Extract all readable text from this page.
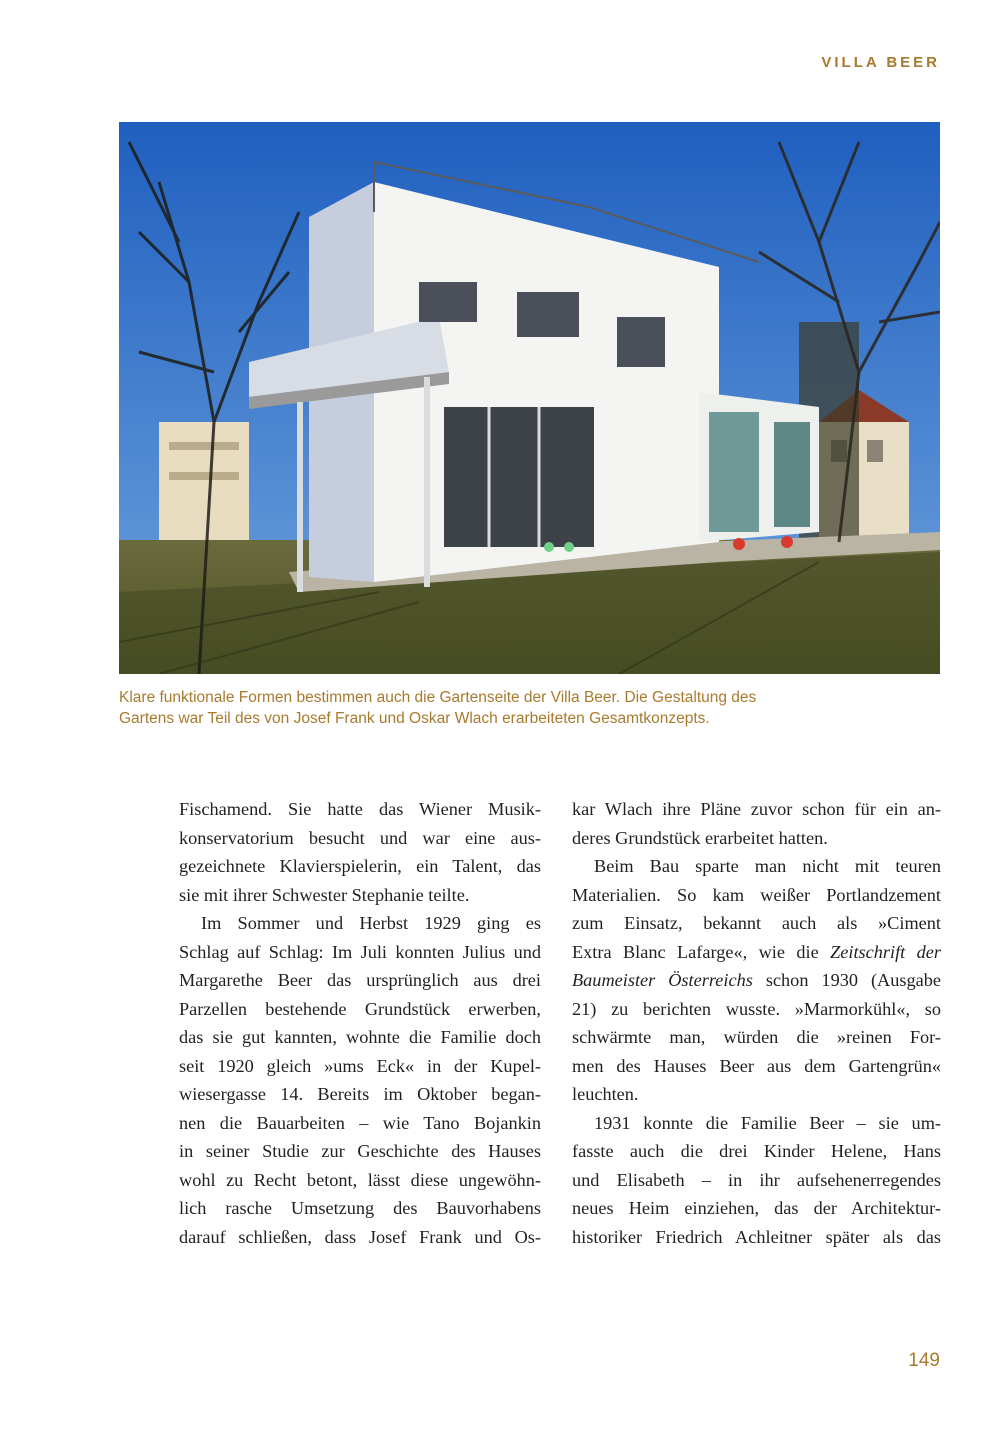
VILLA BEER
Klare funktionale Formen bestimmen auch die Gartenseite der Villa Beer. Die Gestaltung des
Gartens war Teil des von Josef Frank und Oskar Wlach erarbeiteten Gesamtkonzepts.
Fischamend. Sie hatte das Wiener Musik-
konservatorium besucht und war eine aus-
gezeichnete Klavierspielerin, ein Talent, das
sie mit ihrer Schwester Stephanie teilte.
Im Sommer und Herbst 1929 ging es
Schlag auf Schlag: Im Juli konnten Julius und
Margarethe Beer das ursprünglich aus drei
Parzellen bestehende Grundstück erwerben,
das sie gut kannten, wohnte die Familie doch
seit 1920 gleich »ums Eck« in der Kupel-
wiesergasse 14. Bereits im Oktober began-
nen die Bauarbeiten – wie Tano Bojankin
in seiner Studie zur Geschichte des Hauses
wohl zu Recht betont, lässt diese ungewöhn-
lich rasche Umsetzung des Bauvorhabens
darauf schließen, dass Josef Frank und Os-
kar Wlach ihre Pläne zuvor schon für ein an-
deres Grundstück erarbeitet hatten.
Beim Bau sparte man nicht mit teuren
Materialien. So kam weißer Portlandzement
zum Einsatz, bekannt auch als »Ciment
Extra Blanc Lafarge«, wie die Zeitschrift der
Baumeister Österreichs schon 1930 (Ausgabe
21) zu berichten wusste. »Marmorkühl«, so
schwärmte man, würden die »reinen For-
men des Hauses Beer aus dem Gartengrün«
leuchten.
1931 konnte die Familie Beer – sie um-
fasste auch die drei Kinder Helene, Hans
und Elisabeth – in ihr aufsehenerregendes
neues Heim einziehen, das der Architektur-
historiker Friedrich Achleitner später als das
149
